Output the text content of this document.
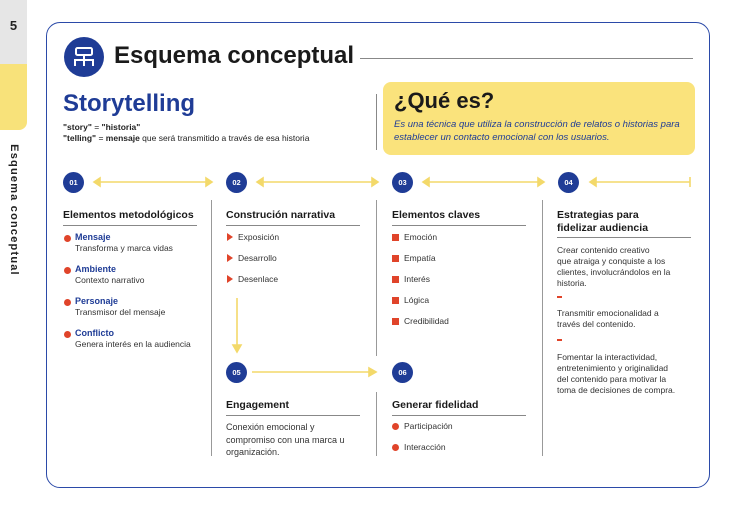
5
Esquema conceptual
Esquema conceptual
Storytelling
"story" = "historia"
"telling" = mensaje que será transmitido a través de esa historia
¿Qué es?
Es una técnica que utiliza la construcción de relatos o historias para establecer un contacto emocional con los usuarios.
01	02	03	04
05	06
Elementos metodológicos
Mensaje
Transforma y marca vidas
Ambiente
Contexto narrativo
Personaje
Transmisor del mensaje
Conflicto
Genera interés en la audiencia
Construción narrativa
Exposición
Desarrollo
Desenlace
Elementos claves
Emoción
Empatía
Interés
Lógica
Credibilidad
Estrategias para
fidelizar audiencia
Crear contenido creativo
que atraiga y conquiste a los
clientes, involucrándolos en la
historia.
Transmitir emocionalidad a
través del contenido.
Fomentar la interactividad,
entretenimiento y originalidad
del contenido para motivar la
toma de decisiones de compra.
Engagement
Conexión emocional y
compromiso con una marca u
organización.
Generar fidelidad
Participación
Interacción
